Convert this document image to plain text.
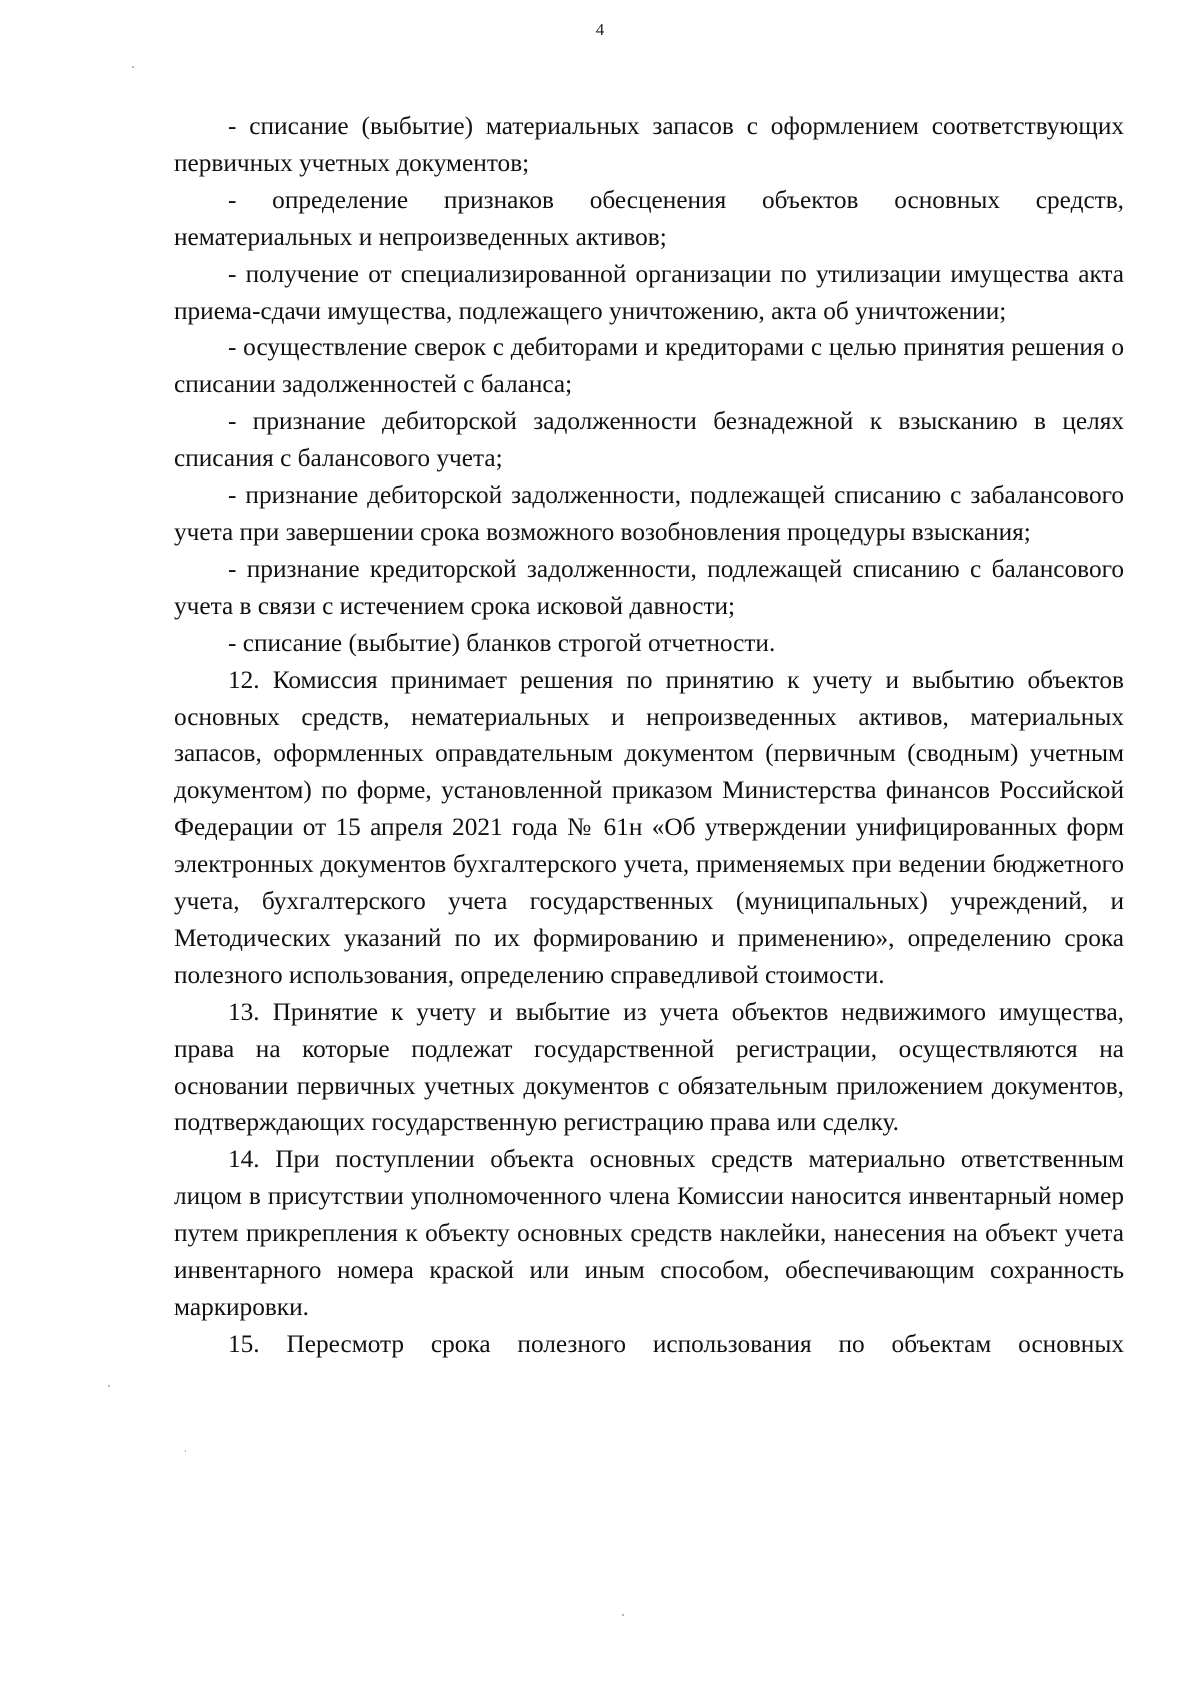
4

- списание (выбытие) материальных запасов с оформлением соответствующих первичных учетных документов;

- определение признаков обесценения объектов основных средств, нематериальных и непроизведенных активов;

- получение от специализированной организации по утилизации имущества акта приема-сдачи имущества, подлежащего уничтожению, акта об уничтожении;

- осуществление сверок с дебиторами и кредиторами с целью принятия решения о списании задолженностей с баланса;

- признание дебиторской задолженности безнадежной к взысканию в целях списания с балансового учета;

- признание дебиторской задолженности, подлежащей списанию с забалансового учета при завершении срока возможного возобновления процедуры взыскания;

- признание кредиторской задолженности, подлежащей списанию с балансового учета в связи с истечением срока исковой давности;

- списание (выбытие) бланков строгой отчетности.

12. Комиссия принимает решения по принятию к учету и выбытию объектов основных средств, нематериальных и непроизведенных активов, материальных запасов, оформленных оправдательным документом (первичным (сводным) учетным документом) по форме, установленной приказом Министерства финансов Российской Федерации от 15 апреля 2021 года № 61н «Об утверждении унифицированных форм электронных документов бухгалтерского учета, применяемых при ведении бюджетного учета, бухгалтерского учета государственных (муниципальных) учреждений, и Методических указаний по их формированию и применению», определению срока полезного использования, определению справедливой стоимости.

13. Принятие к учету и выбытие из учета объектов недвижимого имущества, права на которые подлежат государственной регистрации, осуществляются на основании первичных учетных документов с обязательным приложением документов, подтверждающих государственную регистрацию права или сделку.

14. При поступлении объекта основных средств материально ответственным лицом в присутствии уполномоченного члена Комиссии наносится инвентарный номер путем прикрепления к объекту основных средств наклейки, нанесения на объект учета инвентарного номера краской или иным способом, обеспечивающим сохранность маркировки.

15. Пересмотр срока полезного использования по объектам основных
